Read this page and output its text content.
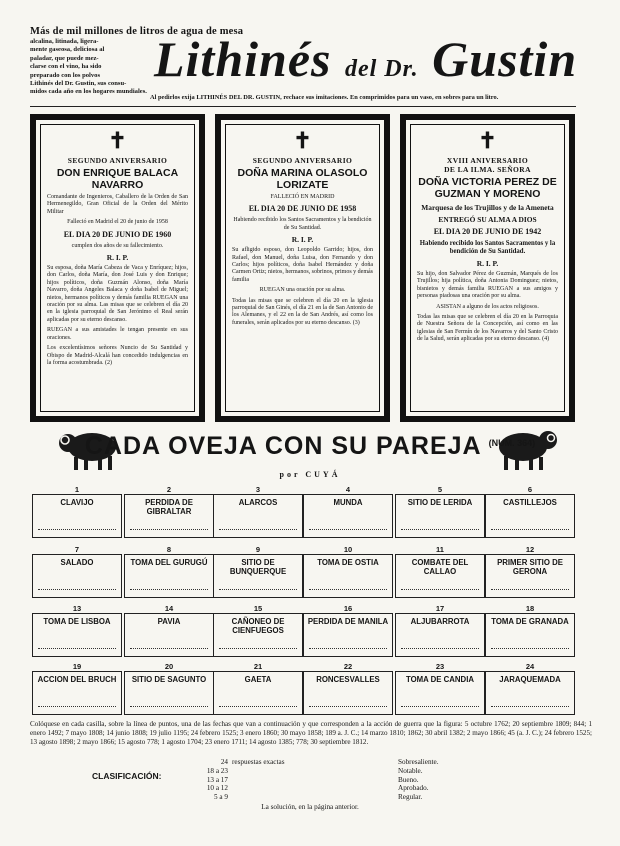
Más de mil millones de litros de agua de mesa
alcalina, litinada, ligera-
mente gaseosa, deliciosa al
paladar, que puede mez-
clarse con el vino, ha sido
preparado con los polvos
Lithinés del Dr. Gustin, sus consu-
midos cada año en los hogares mundiales.
Lithinés del Dr. Gustin
Al pedirlos exija LITHINÉS DEL DR. GUSTIN, rechace sus imitaciones. En comprimidos para un vaso, en sobres para un litro.
✝
SEGUNDO ANIVERSARIO
DON ENRIQUE BALACA NAVARRO
Comandante de Ingenieros, Caballero de la Orden de San Hermenegildo, Gran Oficial de la Orden del Mérito Militar
Falleció en Madrid el 20 de junio de 1958
EL DIA 20 DE JUNIO DE 1960
cumplen dos años de su fallecimiento.
R. I. P.
Su esposa, doña María Cabeza de Vaca y Enríquez; hijos, don Carlos, doña María, don José Luis y don Enrique; hijos políticos, doña Guzmán Alonso, doña María Navarro, doña Angeles Balaca y doña Isabel de Miguel; nietos, hermanos políticos y demás familia RUEGAN una oración por su alma. Las misas que se celebren el día 20 en la iglesia parroquial de San Jerónimo el Real serán aplicadas por su eterno descanso.
RUEGAN a sus amistades le tengan presente en sus oraciones.
Los excelentísimos señores Nuncio de Su Santidad y Obispo de Madrid-Alcalá han concedido indulgencias en la forma acostumbrada. (2)
✝
SEGUNDO ANIVERSARIO
DOÑA MARINA OLASOLO LORIZATE
FALLECIÓ EN MADRID
EL DIA 20 DE JUNIO DE 1958
Habiendo recibido los Santos Sacramentos y la bendición de Su Santidad.
R. I. P.
Su afligido esposo, don Leopoldo Garrido; hijos, don Rafael, don Manuel, doña Luisa, don Fernando y don Carlos; hijos políticos, doña Isabel Hernández y doña Carmen Ortiz; nietos, hermanos, sobrinos, primos y demás familia
RUEGAN una oración por su alma.
Todas las misas que se celebren el día 20 en la iglesia parroquial de San Ginés, el día 21 en la de San Antonio de los Alemanes, y el 22 en la de San Andrés, así como los funerales, serán aplicados por su eterno descanso. (3)
✝
XVIII ANIVERSARIO
DE LA ILMA. SEÑORA
DOÑA VICTORIA PEREZ DE GUZMAN Y MORENO
Marquesa de los Trujillos y de la Ameneta
ENTREGÓ SU ALMA A DIOS
EL DIA 20 DE JUNIO DE 1942
Habiendo recibido los Santos Sacramentos y la bendición de Su Santidad.
R. I. P.
Su hijo, don Salvador Pérez de Guzmán, Marqués de los Trujillos; hija política, doña Antonia Dominguez; nietos, bisnietos y demás familia RUEGAN a sus amigos y personas piadosas una oración por su alma.
ASISTAN a alguno de los actos religiosos.
Todas las misas que se celebren el día 20 en la Parroquia de Nuestra Señora de la Concepción, así como en las iglesias de San Fermín de los Navarros y del Santo Cristo de la Salud, serán aplicadas por su eterno descanso. (4)
CADA OVEJA CON SU PAREJA $^{(NUM. 364)}$
por CUYÁ
1
CLAVIJO
2
PERDIDA DE GIBRALTAR
3
ALARCOS
4
MUNDA
5
SITIO DE LERIDA
6
CASTILLEJOS
7
SALADO
8
TOMA DEL GURUGÚ
9
SITIO DE BUNQUERQUE
10
TOMA DE OSTIA
11
COMBATE DEL CALLAO
12
PRIMER SITIO DE GERONA
13
TOMA DE LISBOA
14
PAVIA
15
CAÑONEO DE CIENFUEGOS
16
PERDIDA DE MANILA
17
ALJUBARROTA
18
TOMA DE GRANADA
19
ACCION DEL BRUCH
20
SITIO DE SAGUNTO
21
GAETA
22
RONCESVALLES
23
TOMA DE CANDIA
24
JARAQUEMADA
Colóquese en cada casilla, sobre la línea de puntos, una de las fechas que van a continuación y que corresponden a la acción de guerra que la figura: 5 octubre 1762; 20 septiembre 1809; 844; 1 enero 1492; 7 mayo 1808; 14 junio 1808; 19 julio 1195; 24 febrero 1525; 3 enero 1860; 30 mayo 1858; 189 a. J. C.; 14 marzo 1810; 1862; 30 abril 1382; 2 mayo 1866; 45 (a. J. C.); 24 febrero 1525; 13 agosto 1898; 2 mayo 1866; 15 agosto 778; 1 agosto 1704; 23 enero 1711; 14 agosto 1385; 778; 30 septiembre 1812.
CLASIFICACIÓN:
24 respuestas exactas	Sobresaliente.
18 a 23	Notable.
13 a 17	Bueno.
10 a 12	Aprobado.
5 a 9	Regular.
La solución, en la página anterior.
